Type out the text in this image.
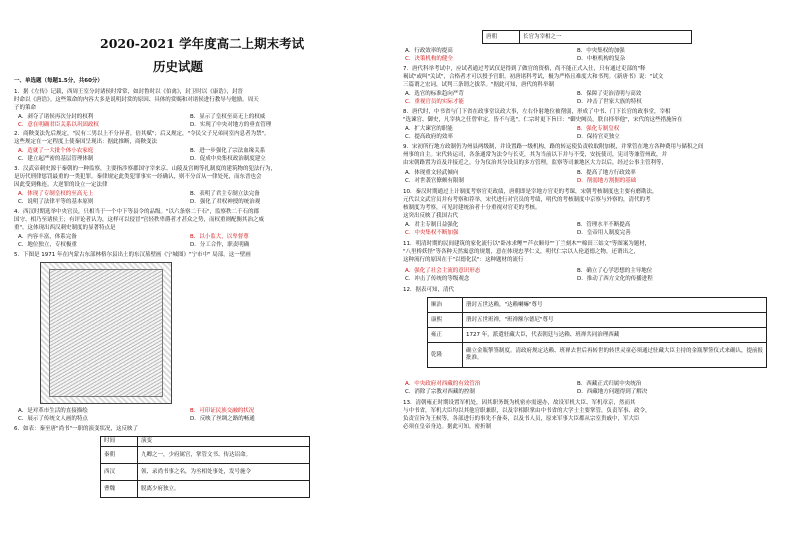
2020-2021 学年度高二上期末考试
历史试题
一、单选题（每题1.5分，共60分）
1．据《左传》记载，西周王室分封诸侯时常常，如封鲁时以《伯禽》，封卫时以《康诰》，封晋
时命以《唐诰》。这些策命的内容大多是说明封赏的原因、具体的赏赐和对诸侯进行教导与勉励。周天
子的策命
A．剥夺了诸侯再次分封的权利	B．显示了皇权至高无上的权威
C．意在明确君臣关系以巩固政权	D．实现了中央对地方的垂直管理
2．商鞅变法先后规定，"民有二男以上不分异者，倍其赋"；后又规定，"令民父子兄弟同室内息者为禁"。
这些规定在一定程度上使秦国呈现出：据此推断，商鞅变法
A．造就了一大批个体小农家庭	B．进一步强化了宗法血缘关系
C．建立起严密的基层管理体制	D．促成中央集权政治制度建立
3．汉武帝刺史源于秦朝的一种监察，主要指涉察郡国守宰来京、山陵及宫阙等扎制度的建筑物的犯法行为，
是历代刑律惩罚最重的一类犯罪。秦律规定此类犯罪事实一经确认，则不分首从一律处死，而东晋也会
因此受到株连。大逆罪的设立一定法律
A．体现了专制皇权的至高无上	B．表明了君主专制立法完备
C．说明了法律平等的基本原则	D．强化了君权神授的统治观
4．西汉时期选举中央官员，只相当于一个中下等县令的品级。"以六条察二千石"，监察秩二千石的郡
国守、相乃至诸侯王；有评论者认为，这样可以侵冒"官轻秩卑爵者才甚众之势，而权重则配衡其治之威
重"。这体现出西汉刺史制度的显著特点是
A．内容丰富，体系完备	B．以小监大，以卑督尊
C．地位独立，专权极重	D．分工合作，职责明确
5．下图是 1971 年在内蒙古东部林格尔县出土的东汉墓壁画《宁城图》"宁市中" 局部。这一壁画
A．是对革市生活的直接描绘	B．可印证民族交融的状况
C．展示了传统文人画的特点	D．反映了丝绸之路的畅通
6．如表：秦至唐"尚书"一职的演变状况，这反映了
时间	演变
秦朝	九卿之一，少府属官，掌管文书、传达诏命。
西汉	领、录尚书事之名，为丞相处事处，发号施令
曹魏	脱离少府独立。
唐朝	长官为宰相之一
A．行政效率的提高	B．中央集权的加强
C．决策机构的健全	D．中枢机构的复杂
7．唐代科举考试中，应试者通过考试仅是得到了做官的资格，尚不能正式入仕，只有通过吏部的"释
褐试"或叫"关试"，合格者才可以授予官职。初唐诸科考试，极为严格且难度大和书判。《新唐书》说："试文
三篇谓之宏词，试判三条谓之拔萃。"据此可知，唐代的科举制
A．选官的标准趋向严苛	B．保障了吏治清明与高效
C．重视官员的实际才能	D．冲击了世家大族的特权
8．唐代时，中书省与门下省在政事堂议政大事，左右仆射地位被削弱，形成了中书、门下长官的政事堂，宰相
"选谏官、御史，凡宰执之任曾审定，皆不与选"。仁宗时更下旨曰："御史阙员，朕自择举他"，宋代的这些措施旨在
A．扩大谏官的职能	B．强化专制皇权
C．提高政府的效率	D．保持官吏独立
9．宋初所行地方政制仍为州县两级制，并设置路一级机构，路的转运使负责收取附加税，并掌管在地方各种费用与储积之间
州事的自主。宋代转运司，各条通常为法令与长吏，其为当前以下并与不受，安抚使司，宪司等兼管州政，并
由宋朝路置为首及并接近之，分为仪治其分设员的多方管理，监察等司兼地区大力以后，经过公事主管利等，
A．体现重文轻武倾向	B．提高了地方行政效率
C．对世袭官僚颇有限制	D．削弱地方割据的基础
10．秦汉时期通过上计制度考察官吏政绩，唐朝即是宰地方官吏的考课，宋朝考核制度也主要有磨勘法，
元代以文武官员并有考察和荐举，宋代进行对官员的考绩，明代的考核制度中京察与外察的，清代的考
核制度为考察，可见封建统治者十分重视对官吏的考核。
这突出反映了我国古代
A．君主专制日益强化	B．管理水平不断提高
C．中央集权不断加强	D．皇帝用人制度完善
11．明清时期的民间建筑的家化流行以"卧冰求鲤""芦衣顺母""丁兰刻木""棉田三姑文"等图案为题材，
"八里桥妖怪"等各种天然寓意的规划，意在体现忠孝仁义，明代仁宗以人伦道德之物，还谓出之，
这种流行的原因在于"以德化民"：这种题材的流行
A．强化了社会主流的意识形态	B．确立了心学思想的主导地位
C．冲击了传统的等级观念	D．推动了西方文化的传播进程
12．据表可知，清代
顺治	册封五世达赖，"达赖喇嘛"尊号
康熙	册封五世班禅，"班禅额尔德尼"尊号
雍正	1727 年，派遣驻藏大臣，代表朝廷与达赖、班禅共同治理西藏
乾隆	确立金瓶掣签制度。清政府规定达赖、班禅去世后再转世的转世灵童必须通过驻藏大臣主持的金瓶掣签仪式来确认，提前报批准。
A．中央政府对西藏的有效管治	B．西藏正式归属中央统治
C．消除了宗教对西藏的控制	D．西藏地方问题得到了解决
13．清朝雍正时期设置军机处，因其职务既为机密亦需速办，故设军机大臣、军机章京，然而其
与中书省，军机大臣均以其他官职兼职，以及宰相职掌由中书省的大学士主要掌管，负责军事、政令，
负责宣旨为王候等，各部进行的事先不备奏，以及书人员，原来军事大臣都从宗室贵戚中，军大臣
必须在皇帝身边。据此可知，密折制
